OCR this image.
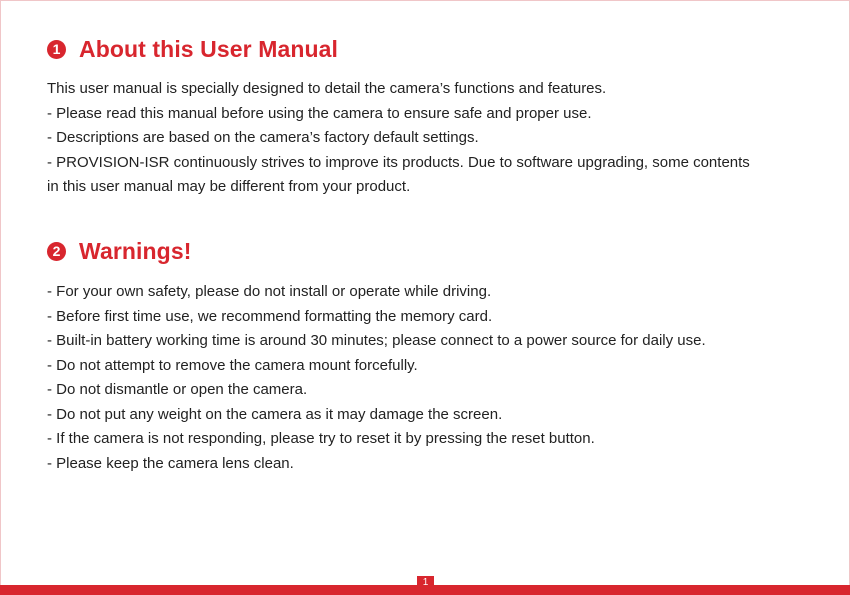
1 About this User Manual
This user manual is specially designed to detail the camera’s functions and features.
- Please read this manual before using the camera to ensure safe and proper use.
- Descriptions are based on the camera’s factory default settings.
- PROVISION-ISR continuously strives to improve its products. Due to software upgrading, some contents
in this user manual may be different from your product.
2 Warnings!
- For your own safety, please do not install or operate while driving.
- Before first time use, we recommend formatting the memory card.
- Built-in battery working time is around 30 minutes; please connect to a power source for daily use.
- Do not attempt to remove the camera mount forcefully.
- Do not dismantle or open the camera.
- Do not put any weight on the camera as it may damage the screen.
- If the camera is not responding, please try to reset it by pressing the reset button.
- Please keep the camera lens clean.
1
